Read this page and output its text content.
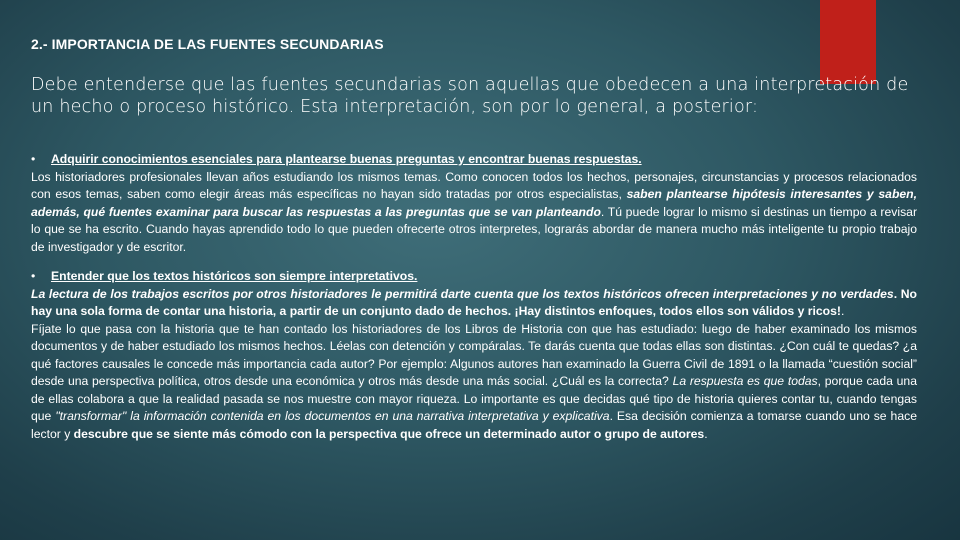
2.- IMPORTANCIA DE LAS FUENTES SECUNDARIAS

Debe entenderse que las fuentes secundarias son aquellas que obedecen a una interpretación de un hecho o proceso histórico. Esta interpretación, son por lo general, a posterior:

• Adquirir conocimientos esenciales para plantearse buenas preguntas y encontrar buenas respuestas.
Los historiadores profesionales llevan años estudiando los mismos temas. Como conocen todos los hechos, personajes, circunstancias y procesos relacionados con esos temas, saben como elegir áreas más específicas no hayan sido tratadas por otros especialistas, saben plantearse hipótesis interesantes y saben, además, qué fuentes examinar para buscar las respuestas a las preguntas que se van planteando. Tú puede lograr lo mismo si destinas un tiempo a revisar lo que se ha escrito. Cuando hayas aprendido todo lo que pueden ofrecerte otros interpretes, lograrás abordar de manera mucho más inteligente tu propio trabajo de investigador y de escritor.
• Entender que los textos históricos son siempre interpretativos.
La lectura de los trabajos escritos por otros historiadores le permitirá darte cuenta que los textos históricos ofrecen interpretaciones y no verdades. No hay una sola forma de contar una historia, a partir de un conjunto dado de hechos. ¡Hay distintos enfoques, todos ellos son válidos y ricos!.
Fíjate lo que pasa con la historia que te han contado los historiadores de los Libros de Historia con que has estudiado: luego de haber examinado los mismos documentos y de haber estudiado los mismos hechos. Léelas con detención y compáralas. Te darás cuenta que todas ellas son distintas. ¿Con cuál te quedas? ¿a qué factores causales le concede más importancia cada autor? Por ejemplo: Algunos autores han examinado la Guerra Civil de 1891 o la llamada “cuestión social” desde una perspectiva política, otros desde una económica y otros más desde una más social. ¿Cuál es la correcta? La respuesta es que todas, porque cada una de ellas colabora a que la realidad pasada se nos muestre con mayor riqueza. Lo importante es que decidas qué tipo de historia quieres contar tu, cuando tengas que "transformar" la información contenida en los documentos en una narrativa interpretativa y explicativa. Esa decisión comienza a tomarse cuando uno se hace lector y descubre que se siente más cómodo con la perspectiva que ofrece un determinado autor o grupo de autores.
